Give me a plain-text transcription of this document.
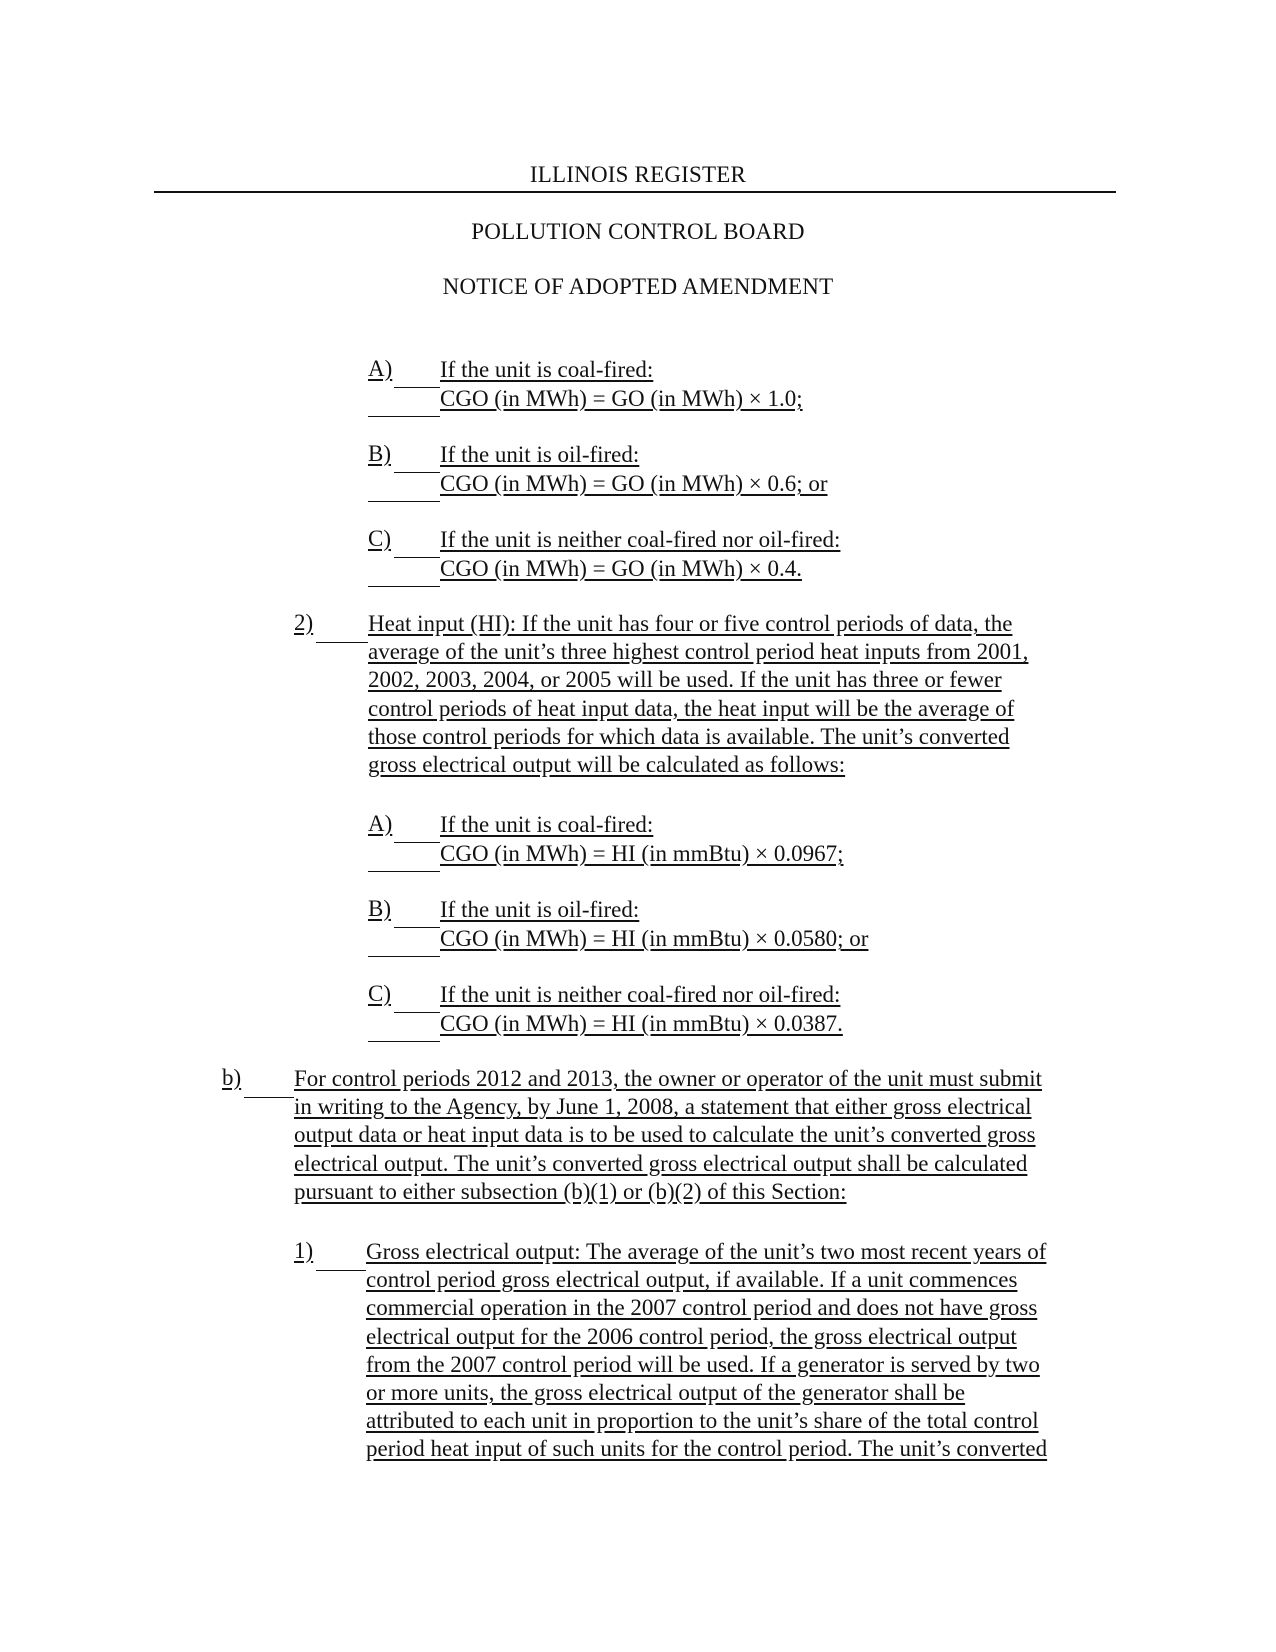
ILLINOIS REGISTER
POLLUTION CONTROL BOARD
NOTICE OF ADOPTED AMENDMENT
A) If the unit is coal-fired:
CGO (in MWh) = GO (in MWh) × 1.0;
B) If the unit is oil-fired:
CGO (in MWh) = GO (in MWh) × 0.6; or
C) If the unit is neither coal-fired nor oil-fired:
CGO (in MWh) = GO (in MWh) × 0.4.
2) Heat input (HI): If the unit has four or five control periods of data, the
average of the unit’s three highest control period heat inputs from 2001,
2002, 2003, 2004, or 2005 will be used. If the unit has three or fewer
control periods of heat input data, the heat input will be the average of
those control periods for which data is available. The unit’s converted
gross electrical output will be calculated as follows:
A) If the unit is coal-fired:
CGO (in MWh) = HI (in mmBtu) × 0.0967;
B) If the unit is oil-fired:
CGO (in MWh) = HI (in mmBtu) × 0.0580; or
C) If the unit is neither coal-fired nor oil-fired:
CGO (in MWh) = HI (in mmBtu) × 0.0387.
b) For control periods 2012 and 2013, the owner or operator of the unit must submit
in writing to the Agency, by June 1, 2008, a statement that either gross electrical
output data or heat input data is to be used to calculate the unit’s converted gross
electrical output. The unit’s converted gross electrical output shall be calculated
pursuant to either subsection (b)(1) or (b)(2) of this Section:
1) Gross electrical output: The average of the unit’s two most recent years of
control period gross electrical output, if available. If a unit commences
commercial operation in the 2007 control period and does not have gross
electrical output for the 2006 control period, the gross electrical output
from the 2007 control period will be used. If a generator is served by two
or more units, the gross electrical output of the generator shall be
attributed to each unit in proportion to the unit’s share of the total control
period heat input of such units for the control period. The unit’s converted
